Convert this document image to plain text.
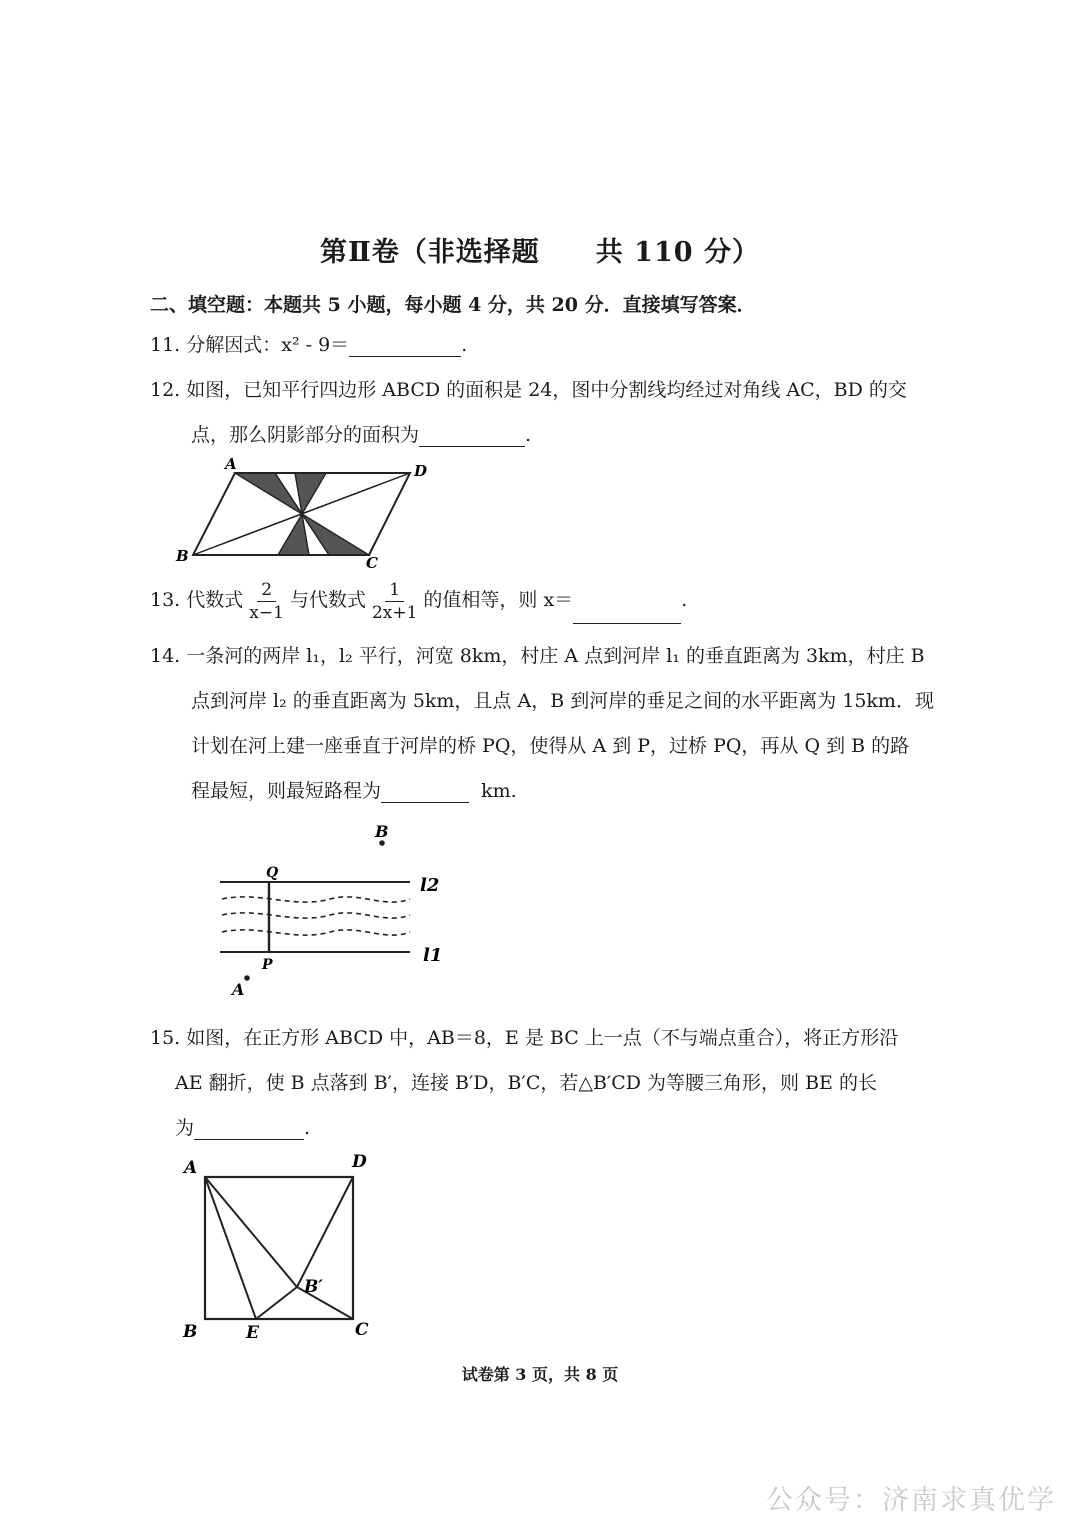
第Ⅱ卷（非选择题　　共 110 分）
二、填空题：本题共 5 小题，每小题 4 分，共 20 分．直接填写答案．
11. 分解因式：x² - 9＝	.
12. 如图，已知平行四边形 ABCD 的面积是 24，图中分割线均经过对角线 AC，BD 的交
点，那么阴影部分的面积为	.
A	D
B	C
13. 代数式 $\frac{2}{x-1}$ 与代数式 $\frac{1}{2x+1}$ 的值相等，则 x＝	.
14. 一条河的两岸 l₁，l₂ 平行，河宽 8km，村庄 A 点到河岸 l₁ 的垂直距离为 3km，村庄 B
点到河岸 l₂ 的垂直距离为 5km，且点 A，B 到河岸的垂足之间的水平距离为 15km．现
计划在河上建一座垂直于河岸的桥 PQ，使得从 A 到 P，过桥 PQ，再从 Q 到 B 的路
程最短，则最短路程为	km.
B
Q
l2
P	l1
A
15. 如图，在正方形 ABCD 中，AB＝8，E 是 BC 上一点（不与端点重合），将正方形沿
AE 翻折，使 B 点落到 B′，连接 B′D，B′C，若△B′CD 为等腰三角形，则 BE 的长
为	.
A	D
B′
B	E	C
试卷第 3 页，共 8 页
公众号：济南求真优学
